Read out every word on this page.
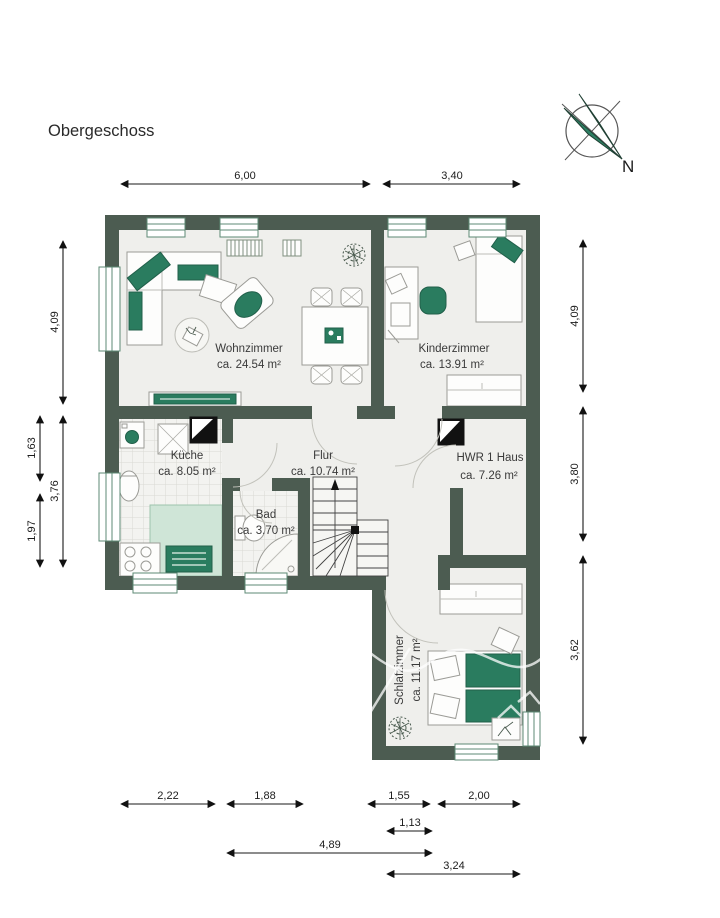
Wohnzimmer
ca. 24.54 m²
Kinderzimmer
ca. 13.91 m²
Küche
ca. 8.05 m²
Flur
ca. 10.74 m²
Bad
ca. 3.70 m²
HWR 1 Haus
ca. 7.26 m²
Schlafzimmer ca. 11.17 m²
6,00	3,40
4,09
3,76
1,63
1,97
4,09
3,80
3,62
2,22	1,88	1,55	2,00
1,13
4,89
3,24
Obergeschoss
N
